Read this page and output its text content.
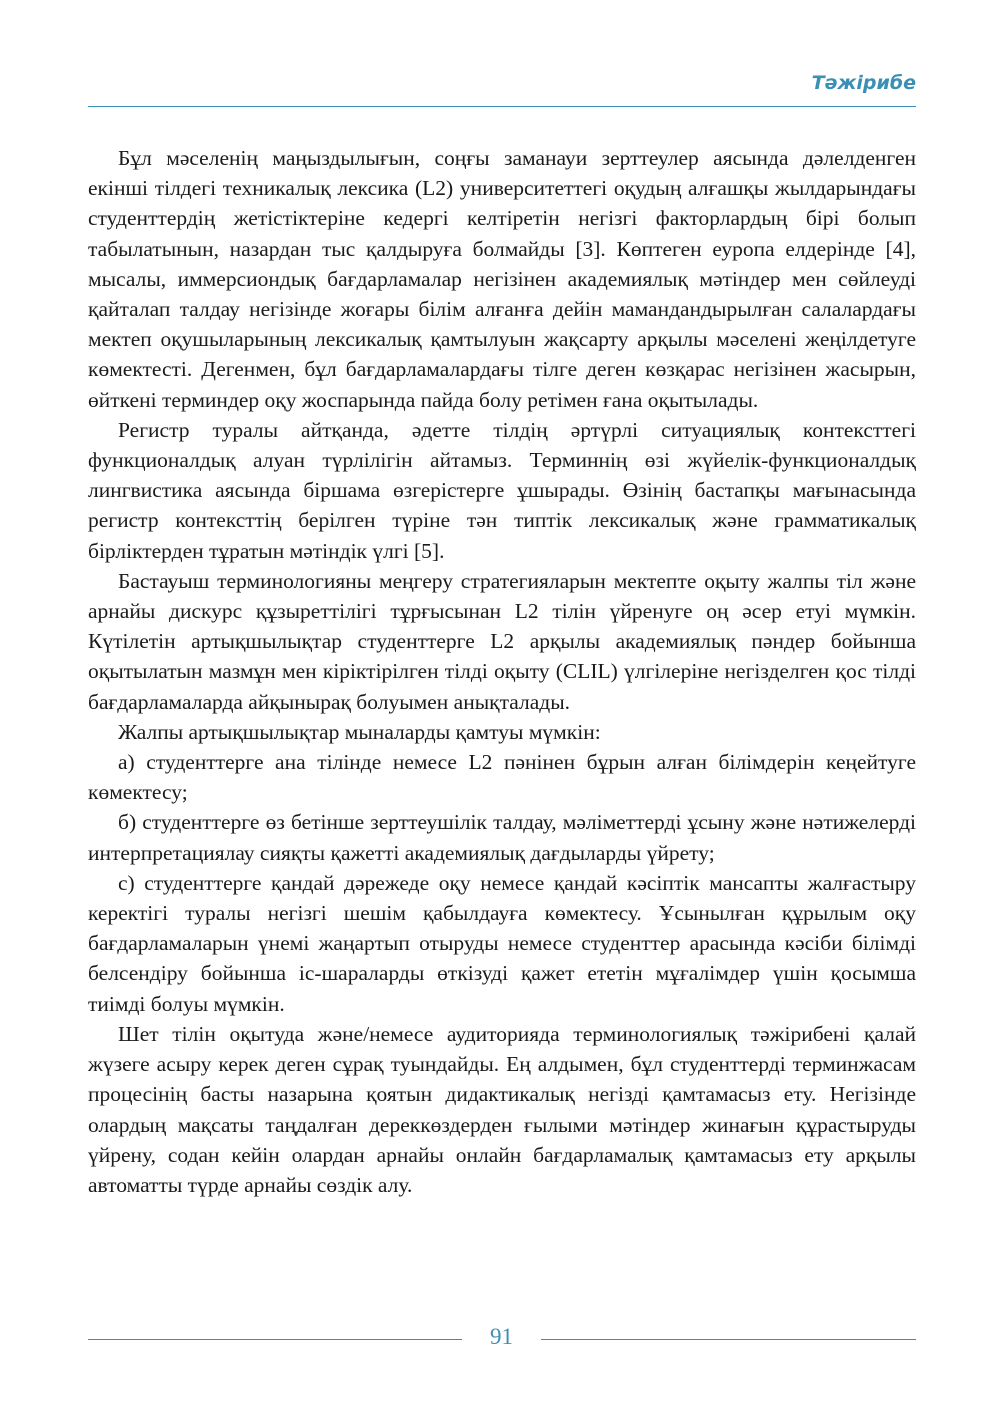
Тәжірибе

Бұл мәселенің маңыздылығын, соңғы заманауи зерттеулер аясында дәлелденген екінші тілдегі техникалық лексика (L2) университеттегі оқудың алғашқы жылдарындағы студенттердің жетістіктеріне кедергі келтіретін негізгі факторлардың бірі болып табылатынын, назардан тыс қалдыруға болмайды [3]. Көптеген еуропа елдерінде [4], мысалы, иммерсиондық бағдарламалар негізінен академиялық мәтіндер мен сөйлеуді қайталап талдау негізінде жоғары білім алғанға дейін мамандандырылған салалардағы мектеп оқушыларының лексикалық қамтылуын жақсарту арқылы мәселені жеңілдетуге көмектесті. Дегенмен, бұл бағдарламалардағы тілге деген көзқарас негізінен жасырын, өйткені терминдер оқу жоспарында пайда болу ретімен ғана оқытылады.

Регистр туралы айтқанда, әдетте тілдің әртүрлі ситуациялық контексттегі функционалдық алуан түрлілігін айтамыз. Терминнің өзі жүйелік-функционалдық лингвистика аясында біршама өзгерістерге ұшырады. Өзінің бастапқы мағынасында регистр контексттің берілген түріне тән типтік лексикалық және грамматикалық бірліктерден тұратын мәтіндік үлгі [5].

Бастауыш терминологияны меңгеру стратегияларын мектепте оқыту жалпы тіл және арнайы дискурс құзыреттілігі тұрғысынан L2 тілін үйренуге оң әсер етуі мүмкін. Күтілетін артықшылықтар студенттерге L2 арқылы академиялық пәндер бойынша оқытылатын мазмұн мен кіріктірілген тілді оқыту (CLIL) үлгілеріне негізделген қос тілді бағдарламаларда айқынырақ болуымен анықталады.

Жалпы артықшылықтар мыналарды қамтуы мүмкін:

а) студенттерге ана тілінде немесе L2 пәнінен бұрын алған білімдерін кеңейтуге көмектесу;

б) студенттерге өз бетінше зерттеушілік талдау, мәліметтерді ұсыну және нәтижелерді интерпретациялау сияқты қажетті академиялық дағдыларды үйрету;

c) студенттерге қандай дәрежеде оқу немесе қандай кәсіптік мансапты жалғастыру керектігі туралы негізгі шешім қабылдауға көмектесу. Ұсынылған құрылым оқу бағдарламаларын үнемі жаңартып отыруды немесе студенттер арасында кәсіби білімді белсендіру бойынша іс-шараларды өткізуді қажет ететін мұғалімдер үшін қосымша тиімді болуы мүмкін.

Шет тілін оқытуда және/немесе аудиторияда терминологиялық тәжірибені қалай жүзеге асыру керек деген сұрақ туындайды. Ең алдымен, бұл студенттерді терминжасам процесінің басты назарына қоятын дидактикалық негізді қамтамасыз ету. Негізінде олардың мақсаты таңдалған дереккөздерден ғылыми мәтіндер жинағын құрастыруды үйрену, содан кейін олардан арнайы онлайн бағдарламалық қамтамасыз ету арқылы автоматты түрде арнайы сөздік алу.

91
